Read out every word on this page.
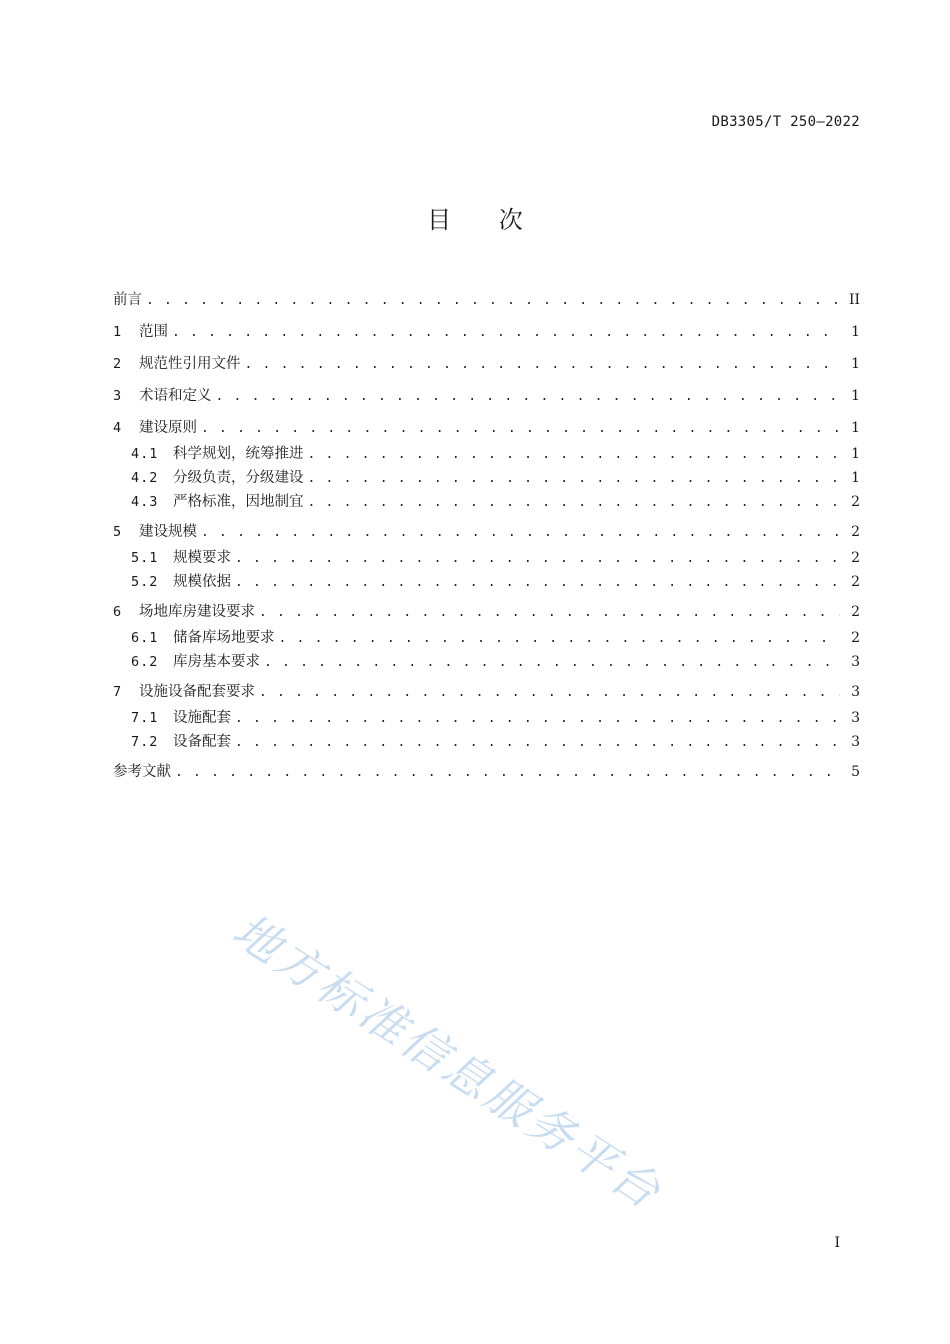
DB3305/T 250—2022
目 次
前言 . . .	II
1	范围 . . .	1
2	规范性引用文件 . . .	1
3	术语和定义 . . .	1
4	建设原则 . . .	1
4.1	科学规划，统筹推进 . . .	1
4.2	分级负责，分级建设 . . .	1
4.3	严格标准，因地制宜 . . .	2
5	建设规模 . . .	2
5.1	规模要求 . . .	2
5.2	规模依据 . . .	2
6	场地库房建设要求 . . .	2
6.1	储备库场地要求 . . .	2
6.2	库房基本要求 . . .	3
7	设施设备配套要求 . . .	3
7.1	设施配套 . . .	3
7.2	设备配套 . . .	3
参考文献 . . .	5
地方标准信息服务平台
I
